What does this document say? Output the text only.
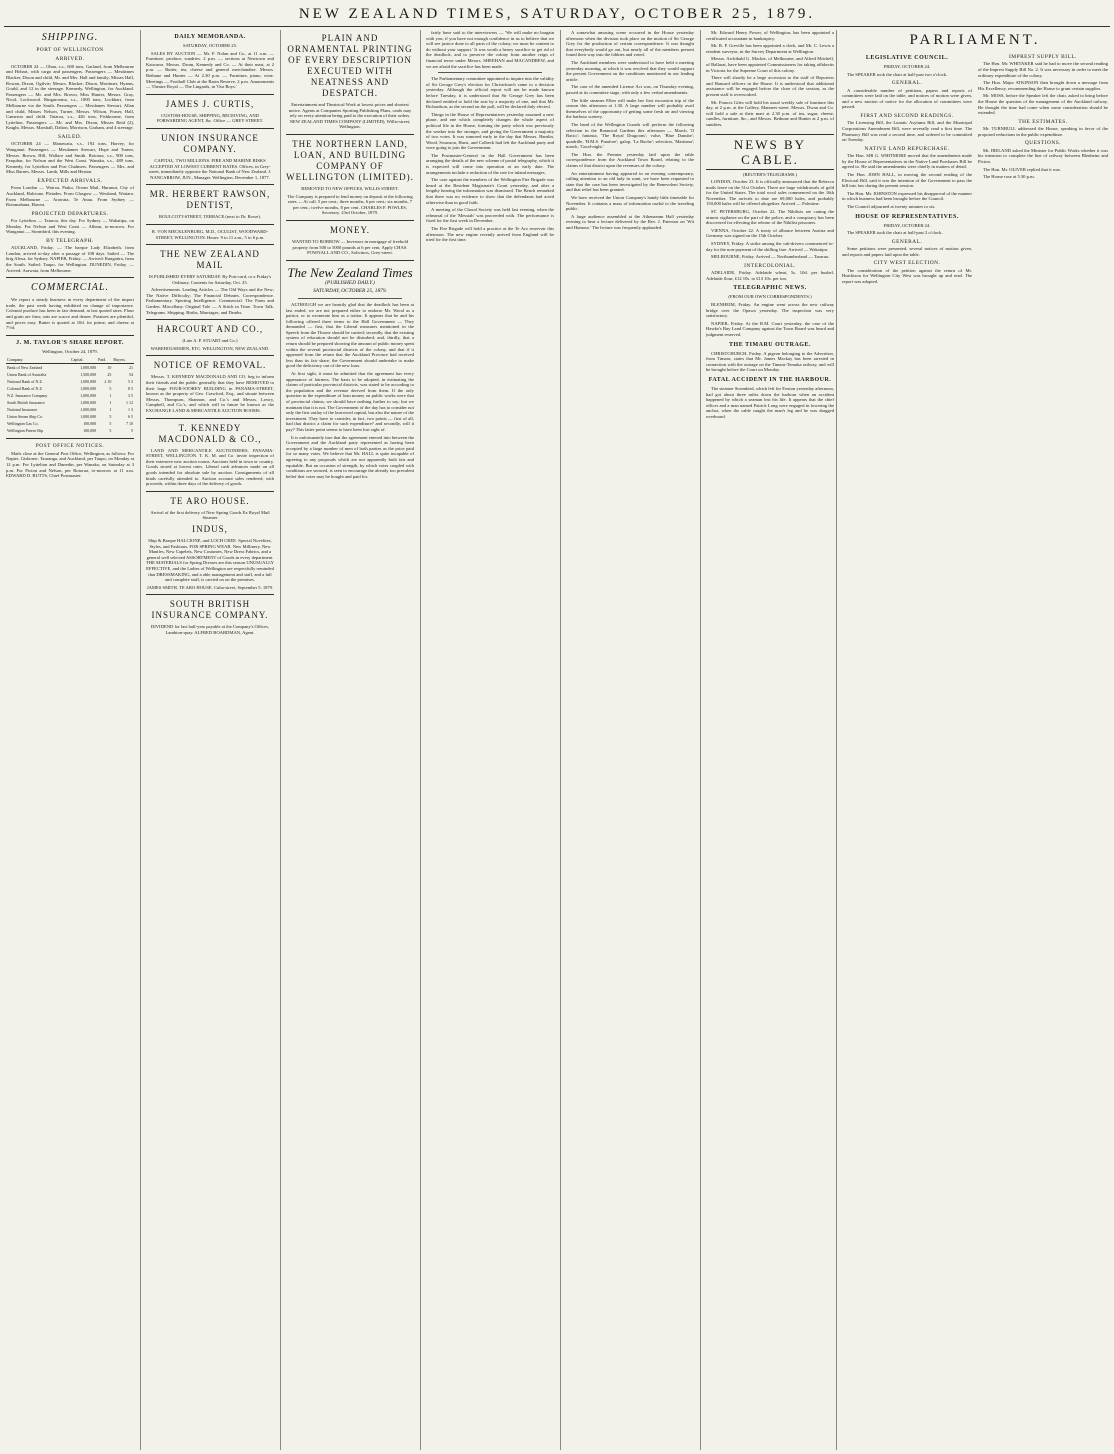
NEW ZEALAND TIMES, SATURDAY, OCTOBER 25, 1879.
SHIPPING.
PORT OF WELLINGTON
ARRIVED.

OCTOBER 24 — Ohau, s.s., 600 tons, Garland, from Melbourne and Hobart, with cargo and passengers. Passengers — Mesdames Blacker, Dixon and child, Mr. and Mrs. Hall and family; Misses Hall, Rowan, Dixon, Ogilvie; Messrs. Blacker, Dixon, Mortimer, Hyams, Gould, and 12 in the steerage. Kennedy, Wellington, for Auckland. Passengers — Mr. and Mrs. Brown, Miss Hunter, Messrs. Gray, Nicol, Lockwood. Ringarooma, s.s., 1000 tons, Lockhart, from Melbourne via the South. Passengers — Mesdames Stewart, Allan and child, Misses Nelson, Turner, Messrs. Wilson, Fraser, Hall, Cameron and child. Taiaroa, s.s., 426 tons, Fishbourne, from Lyttelton. Passengers — Mr. and Mrs. Dixon, Misses Reid (2), Knight, Messrs. Marshall, Dalton, Morrison, Graham, and 4 steerage.

SAILED.

OCTOBER 24 — Manawatu, s.s., 192 tons, Harvey, for Wanganui. Passengers — Mesdames Stewart, Hope and Turner, Messrs. Brown, Hill, Wallace and Smith. Rotorua, s.s., 900 tons, Farquhar, for Nelson and the West Coast. Wanaka, s.s., 489 tons, Kennedy, for Lyttelton and Port Chalmers. Passengers — Mrs. and Miss Barnes, Messrs. Lamb, Mills and Heaton.

EXPECTED ARRIVALS.

From London — Wairoa, Piako, Ocean Mail, Hurunui, City of Auckland, Halcione, Pleiades. From Glasgow — Westland, Waitara. From Melbourne — Arawata, Te Anau. From Sydney — Rotomahana, Hawea.

PROJECTED DEPARTURES.

For Lyttelton — Taiaroa, this day. For Sydney — Wakatipu, on Monday. For Nelson and West Coast — Albion, to-morrow. For Wanganui — Stormbird, this evening.

BY TELEGRAPH.

AUCKLAND, Friday. — The barque Lady Elizabeth, from London, arrived to-day after a passage of 108 days. Sailed — The brig Alexa, for Sydney. NAPIER, Friday. — Arrived: Rangatira, from the South. Sailed: Taupo, for Wellington. DUNEDIN, Friday. — Arrived: Arawata, from Melbourne.

COMMERCIAL.

We report a steady business in every department of the import trade, the past week having exhibited no change of importance. Colonial produce has been in fair demand, at last quoted rates. Flour and grain are firm; oats are scarce and dearer. Potatoes are plentiful, and prices easy. Butter is quoted at 10d. for prime, and cheese at 7½d.

J. M. TAYLOR'S SHARE REPORT.

Wellington, October 24, 1879.

Company.	Capital.	Paid.	Buyers.
Bank of New Zealand	1,000,000	10	21
Union Bank of Australia	1,500,000	25	54
National Bank of N.Z.	1,000,000	2 10	5 2
Colonial Bank of N.Z.	1,000,000	5	8 5
N.Z. Insurance Company	1,000,000	1	3 5
South British Insurance	1,000,000	1	1 12
National Insurance	1,000,000	1	1 3
Union Steam Ship Co.	1,000,000	5	6 5
Wellington Gas Co.	100,000	5	7 10
Wellington Patent Slip	100,000	5	5
POST OFFICE NOTICES.

Mails close at the General Post Office, Wellington, as follows: For Napier, Gisborne, Tauranga, and Auckland, per Taupo, on Monday at 12 p.m. For Lyttelton and Dunedin, per Wanaka, on Saturday at 3 p.m. For Picton and Nelson, per Rotorua, to-morrow at 11 a.m. EDWARD D. BUTTS, Chief Postmaster.

DAILY MEMORANDA.

SATURDAY, OCTOBER 25.

SALES BY AUCTION — Mr. F. Nolan and Co., at 11 a.m. — Furniture, produce, sundries. 2 p.m. — sections at Newtown and Kaiwarra. Messrs. Dwan, Kennedy and Co. — At their mart, at 2 p.m. — Butter, tea, cheese and general merchandise. Messrs. Bethune and Hunter — At 2.30 p.m. — Furniture, piano, wine. Meetings — Football Club at the Basin Reserve, 2 p.m. Amusements — Theatre Royal — The Lingards, in 'Our Boys.'

JAMES J. CURTIS,

CUSTOM-HOUSE, SHIPPING, RECEIVING, AND FORWARDING AGENT, &c. Office — GREY STREET.

UNION INSURANCE COMPANY.

CAPITAL, TWO MILLIONS. FIRE AND MARINE RISKS ACCEPTED AT LOWEST CURRENT RATES. Offices, in Grey-street, immediately opposite the National Bank of New Zealand. J. NANCARROW, JUN., Manager. Wellington, December 1, 1877.

MR. HERBERT RAWSON, DENTIST,

BOULCOTT-STREET, TERRACE (next to Dr. Rowe).

R. VON MECKLENBURG, M.D., OCULIST, WOODWARD-STREET, WELLINGTON. Hours: 9 to 11 a.m., 5 to 6 p.m.

THE NEW ZEALAND MAIL

IS PUBLISHED EVERY SATURDAY. By Post-card, or a Friday's Ordinary. Contents for Saturday, Oct. 25.

Advertisements. Leading Articles — The Old Ways and the New; The Native Difficulty; The Financial Debates. Correspondence. Parliamentary. Sporting Intelligence. Commercial. The Farm and Garden. Miscellany. Original Tale — A Stitch in Time. Town Talk. Telegrams. Shipping. Births, Marriages, and Deaths.

HARCOURT AND CO.,

(Late A. P. STUART and Co.)

WAREHOUSEMEN, ETC. WELLINGTON, NEW ZEALAND.

NOTICE OF REMOVAL.

Messrs. T. KENNEDY MACDONALD AND CO. beg to inform their friends and the public generally that they have REMOVED to their large FOUR-STOREY BUILDING in PANAMA-STREET, known as the property of Geo. Crawford, Esq., and situate between Messrs. Thompson, Shannon, and Co.'s and Messrs. Lowry, Campbell, and Co.'s, and which will in future be known as the EXCHANGE LAND & MERCANTILE AUCTION ROOMS.

T. KENNEDY MACDONALD & CO.,

LAND AND MERCANTILE AUCTIONEERS, PANAMA-STREET, WELLINGTON. T. K. M. and Co. invite inspection of their extensive new auction rooms. Auctions held in town or country. Goods stored at lowest rates. Liberal cash advances made on all goods intended for absolute sale by auction. Consignments of all kinds carefully attended to. Auction account sales rendered, with proceeds, within three days of the delivery of goods.

TE ARO HOUSE.

Arrival of the first delivery of New Spring Goods Ex Royal Mail Steamer

INDUS,

Ship & Barque HALCIONE, and LOCH CREE. Special Novelties, Styles, and Fashions, FOR SPRING WEAR. New Millinery, New Mantles, New Capelets, New Costumes, New Dress Fabrics, and a general well selected ASSORTMENT of Goods in every department. THE MATERIALS for Spring Dresses are this season UNUSUALLY EFFECTIVE, and the Ladies of Wellington are respectfully reminded that DRESSMAKING, and a able management and staff, and a full and complete staff, is carried on on the premises.

JAMES SMITH, TE ARO HOUSE. Cuba-street, September 5, 1879.

SOUTH BRITISH INSURANCE COMPANY.

DIVIDEND for last half-year payable at the Company's Offices, Lambton-quay. ALFRED BOARDMAN, Agent.

PLAIN AND ORNAMENTAL PRINTING OF EVERY DESCRIPTION EXECUTED WITH NEATNESS AND DESPATCH.

Entertainment and Theatrical Work at lowest prices and shortest notice. Agents at Companies Sporting Publishing Plans, cards may rely on every attention being paid to the execution of their orders. NEW ZEALAND TIMES COMPANY (LIMITED), Willis-street, Wellington.

THE NORTHERN LAND, LOAN, AND BUILDING COMPANY OF WELLINGTON (LIMITED).

REMOVED TO NEW OFFICES, WILLIS STREET.

The Company is prepared to lend money on deposit at the following rates — At call, 5 per cent.; three months, 6 per cent.; six months, 7 per cent.; twelve months, 8 per cent. CHARLES F. POWLES, Secretary. 23rd October, 1879.

MONEY.

WANTED TO BORROW — Investors in mortgage of freehold property from 500 to 5000 pounds at 6 per cent. Apply CHAS. POWNALL AND CO., Solicitors, Grey-street.

The New Zealand Times
(PUBLISHED DAILY.)
SATURDAY, OCTOBER 25, 1879.

ALTHOUGH we are heartily glad that the deadlock has been at last ended, we are not prepared either to endorse Mr. Wood as a patriot, or to exonerate him as a traitor. It appears that he and his following offered three terms to the Hall Government — They demanded — first, that the Liberal measures mentioned in the Speech from the Throne should be carried; secondly, that the existing system of education should not be disturbed; and, thirdly, that a return should be prepared showing the amount of public money spent within the several provincial districts of the colony, and that if it appeared from the return that the Auckland Province had received less than its fair share, the Government should undertake to make good the deficiency out of the new loan.

At first sight, it must be admitted that the agreement has every appearance of fairness. The basis to be adopted, in estimating the claims of particular provincial districts, was stated to be according to the population and the revenue derived from them. If the only question in the expenditure of loan money on public works were that of provincial claims, we should have nothing further to say; but we maintain that it is not. The Government of the day has to consider not only the first outlay of the borrowed capital, but also the nature of the investment. They have to consider, in fact, two points — first of all, had that district a claim for such expenditure? and secondly, will it pay? This latter point seems to have been lost sight of.

It is unfortunately true that the agreement entered into between the Government and the Auckland party represented as having been accepted by a large number of men of both parties as the price paid for so many votes. We believe that Mr. HALL is quite incapable of agreeing to any proposals which are not apparently both fair and equitable. But an occasion of strength, by which votes coupled with conditions are secured, is seen to encourage the already too prevalent belief that votes may be bought and paid for.

fairly have said to the interviewers — 'We will make no bargain with you; if you have not enough confidence in us to believe that we will see justice done to all parts of the colony, we must be content to do without your support.' It was worth a heavy sacrifice to get rid of the deadlock, and to preserve the colony from another reign of financial terror under Messrs. SHEEHAN and MACANDREW, and we are afraid the sacrifice has been made.

The Parliamentary committee appointed to inquire into the validity of Sir George Grey's election for Christchurch came to a decision yesterday. Although the official report will not be made known before Tuesday, it is understood that Sir George Grey has been declared entitled to hold the seat by a majority of one, and that Mr. Richardson, as the second on the poll, will be declared duly elected.

Things in the House of Representatives yesterday assumed a new phase, and one which completely changes the whole aspect of political life in the House, forming the party which was previously the weaker into the stronger, and giving the Government a majority of two votes. It was rumored early in the day that Messrs. Hamlin, Wood, Swanson, Hurst, and Colbeck had left the Auckland party and were going to join the Government.

The Postmaster-General in the Hall Government has been arranging the details of the new scheme of postal telegraphy, which it is expected will come into operation at an early date. The arrangements include a reduction of the rate for inland messages.

The case against the members of the Wellington Fire Brigade was heard at the Resident Magistrate's Court yesterday, and after a lengthy hearing the information was dismissed. The Bench remarked that there was no evidence to show that the defendants had acted otherwise than in good faith.

A meeting of the Choral Society was held last evening, when the rehearsal of the 'Messiah' was proceeded with. The performance is fixed for the first week in December.

The Fire Brigade will hold a practice at the Te Aro reservoir this afternoon. The new engine recently arrived from England will be tried for the first time.

A somewhat amusing scene occurred in the House yesterday afternoon when the division took place on the motion of Sir George Grey for the production of certain correspondence. It was thought that everybody would go out, but nearly all of the members present found their way into the lobbies and voted.

The Auckland members were understood to have held a meeting yesterday morning, at which it was resolved that they would support the present Government on the conditions mentioned in our leading article.

The case of the amended License Act was, on Thursday evening, passed at its committee stage, with only a few verbal amendments.

The little steamer Ellen will make her first excursion trip of the season this afternoon at 1.30. A large number will probably avail themselves of the opportunity of getting some fresh air and viewing the harbour scenery.

The band of the Wellington Guards will perform the following selection in the Botanical Gardens this afternoon — March, 'Il Bacio'; fantasia, 'The Royal Dragoons'; valse, 'Blue Danube'; quadrille, 'H.M.S. Pinafore'; galop, 'La Ruche'; selection, 'Maritana'; march, 'Good-night.'

The Hon. the Premier yesterday laid upon the table correspondence from the Auckland Town Board, relating to the claims of that district upon the revenues of the colony.

An entertainment having appeared in an evening contemporary, calling attention to an old lady in want, we have been requested to state that the case has been investigated by the Benevolent Society, and that relief has been granted.

We have received the Union Company's handy little timetable for November. It contains a mass of information useful to the traveling public.

A large audience assembled at the Athenaeum Hall yesterday evening to hear a lecture delivered by the Rev. J. Paterson on 'Wit and Humour.' The lecture was frequently applauded.

Mr. Edward Henry Power, of Wellington, has been appointed a certificated accountant in bankruptcy.

Mr. R. P. Greville has been appointed a clerk, and Mr. C. Lewis a resident surveyor, in the Survey Department at Wellington.

Messrs. Archibald G. Mackie, of Melbourne, and Alfred Mitchell, of Ballarat, have been appointed Commissioners for taking affidavits in Victoria for the Supreme Court of this colony.

There will shortly be a large accession to the staff of Reporters and Hansard officers in the House. It is understood that additional assistance will be engaged before the close of the session, as the present staff is overworked.

Mr. Francis Giles will hold his usual weekly sale of furniture this day, at 2 p.m. at the Gallery, Manners-street. Messrs. Dwan and Co. will hold a sale at their mart at 2.30 p.m. of tea, sugar, cheese, candles, furniture, &c., and Messrs. Bethune and Hunter at 2 p.m. of sundries.

NEWS BY CABLE.

(REUTER'S TELEGRAMS.)

LONDON, October 23. It is officially announced that the Rebecca mails leave on the 31st October. There are large withdrawals of gold for the United States. The total wool sales commenced on the 16th November. The arrivals to date are 69,000 bales, and probably 150,000 bales will be offered altogether. Arrived — Palestine.

ST. PETERSBURG, October 22. The Nihilists are caning the utmost vigilance on the part of the police, and a conspiracy has been discovered for effecting the release of the Nihilist prisoners.

VIENNA, October 22. A treaty of alliance between Austria and Germany was signed on the 15th October.

SYDNEY, Friday. A strike among the cab-drivers commenced to-day for the non-payment of the shilling fare. Arrived — Wakatipu.

MELBOURNE, Friday. Arrived — Northumberland — Tararua.

INTERCOLONIAL.

ADELAIDE, Friday. Adelaide wheat, 5s. 10d. per bushel. Adelaide flour, £12 10s. to £13 10s. per ton.

TELEGRAPHIC NEWS.

(FROM OUR OWN CORRESPONDENTS.)

BLENHEIM, Friday. An engine went across the new railway bridge over the Opawa yesterday. The inspection was very satisfactory.

NAPIER, Friday. At the R.M. Court yesterday, the case of the Hawke's Bay Land Company against the Town Board was heard and judgment reserved.

THE TIMARU OUTRAGE.

CHRISTCHURCH, Friday. A pigeon belonging to the Advertiser, from Timaru, states that Mr. James Mackay has been arrested in connection with the outrage on the Timaru-Temuka railway, and will be brought before the Court on Monday.

FATAL ACCIDENT IN THE HARBOUR.

The steamer Stormbird, which left for Foxton yesterday afternoon, had got about three miles down the harbour when an accident happened by which a seaman lost his life. It appears that the chief officer and a man named Patrick Long were engaged in lowering the anchor, when the cable caught the man's leg and he was dragged overboard.

PARLIAMENT.
LEGISLATIVE COUNCIL.

FRIDAY, OCTOBER 24.

The SPEAKER took the chair at half-past two o'clock.

GENERAL.

A considerable number of petitions, papers and reports of committees were laid on the table, and notices of motion were given, and a new motion of notice for the allocation of committees were passed.

FIRST AND SECOND READINGS.

The Licensing Bill, the Lunatic Asylums Bill, and the Municipal Corporations Amendment Bill, were severally read a first time. The Pharmacy Bill was read a second time, and ordered to be committed on Tuesday.

NATIVE LAND REPURCHASE.

The Hon. SIR G. WHITMORE moved that the amendments made by the House of Representatives in the Native Land Purchases Bill be agreed to. He said the amendments were chiefly in matters of detail.

The Hon. JOHN HALL, in moving the second reading of the Electoral Bill, said it was the intention of the Government to pass the bill into law during the present session.

The Hon. Mr. JOHNSTON expressed his disapproval of the manner in which business had been brought before the Council.

The Council adjourned at twenty minutes to six.

HOUSE OF REPRESENTATIVES.

FRIDAY, OCTOBER 24.

The SPEAKER took the chair at half-past 2 o'clock.

GENERAL.

Some petitions were presented, several notices of motion given, and reports and papers laid upon the table.

CITY WEST ELECTION.

The consideration of the petition against the return of Mr. Hutchison for Wellington City West was brought up and read. The report was adopted.

IMPREST SUPPLY BILL.

The Hon. Mr. WHITAKER said he had to move the second reading of the Imprest Supply Bill No. 2. It was necessary in order to meet the ordinary expenditure of the colony.

The Hon. Major ATKINSON then brought down a message from His Excellency, recommending the House to grant certain supplies.

Mr. MOSS, before the Speaker left the chair, asked to bring before the House the question of the management of the Auckland railway. He thought the time had come when some consideration should be extended.

THE ESTIMATES.

Mr. TURNBULL addressed the House, speaking in favor of the proposed reductions in the public expenditure.

QUESTIONS.

Mr. IRELAND asked the Minister for Public Works whether it was his intention to complete the line of railway between Blenheim and Picton.

The Hon. Mr. OLIVER replied that it was.

The House rose at 5.30 p.m.
